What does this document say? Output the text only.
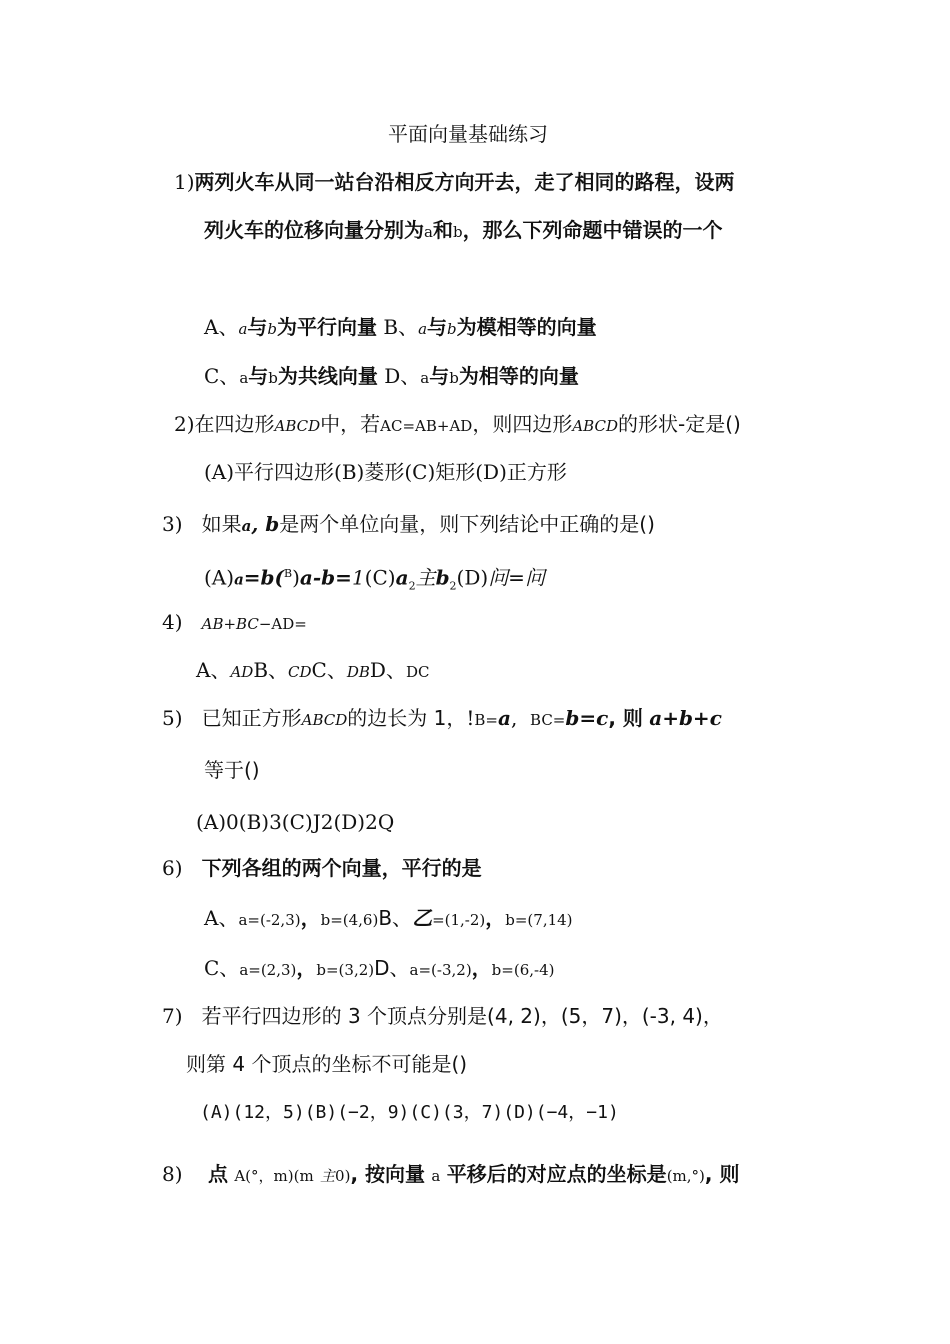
平面向量基础练习
1)两列火车从同一站台沿相反方向开去，走了相同的路程，设两
列火车的位移向量分别为a和b，那么下列命题中错误的一个
A、a与b为平行向量 B、a与b为模相等的向量
C、a与b为共线向量 D、a与b为相等的向量
2)在四边形ABCD中，若AC=AB+AD，则四边形ABCD的形状-定是()
(A)平行四边形(B)菱形(C)矩形(D)正方形
3) 如果a, b是两个单位向量，则下列结论中正确的是()
$(A)a=b(^B)a-b=1(C)a_2$主$b_2(D)$问=问
4) AB+BC−AD=
A、ADB、CDC、DBD、DC
5) 已知正方形ABCD的边长为 1，!B=a, BC=b=c, 则 a+b+c
等于()
(A)0(B)3(C)J2(D)2Q
6) 下列各组的两个向量，平行的是
A、a=(-2,3)，b=(4,6)B、乙=(1,-2)，b=(7,14)
C、a=(2,3)，b=(3,2)D、a=(-3,2)，b=(6,-4)
7) 若平行四边形的 3 个顶点分别是(4, 2)，(5，7)，(-3, 4)，
则第 4 个顶点的坐标不可能是()
(A)(12，5)(B)(−2，9)(C)(3，7)(D)(−4，−1)
8) 点 A(°，m)(m 主0), 按向量 a 平移后的对应点的坐标是(m,°), 则
